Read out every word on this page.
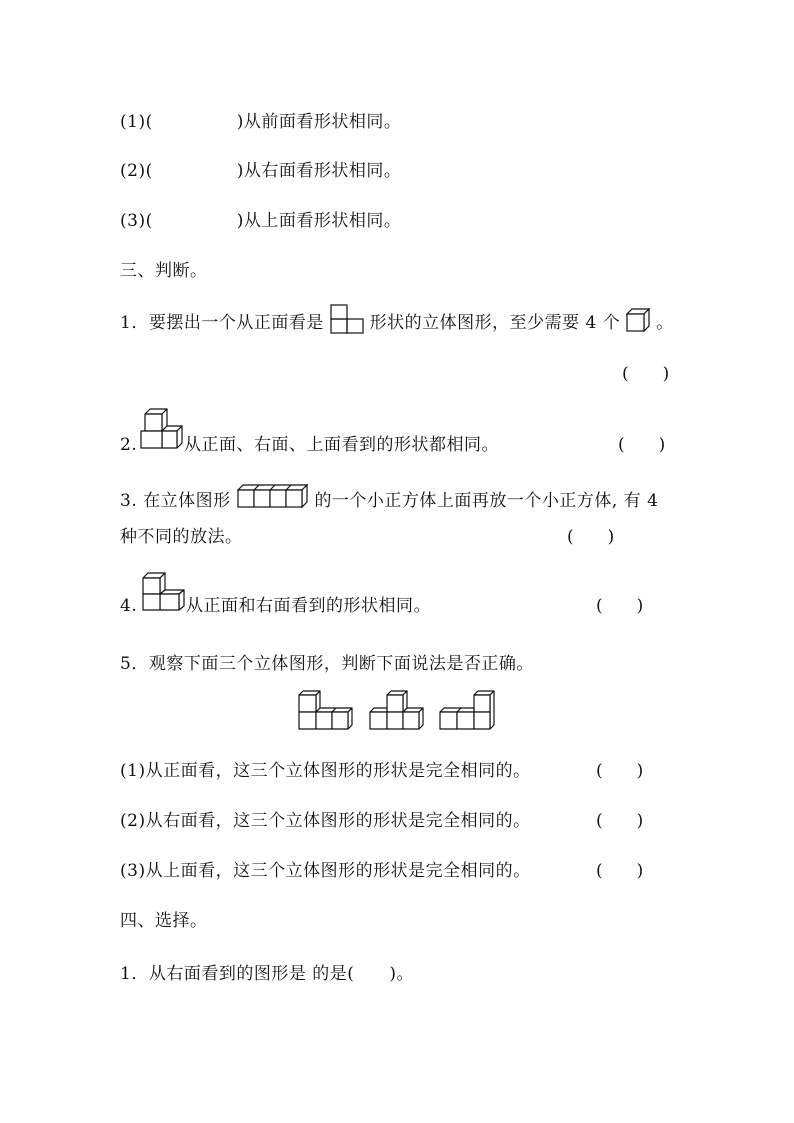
(1)(	)从前面看形状相同。
(2)(	)从右面看形状相同。
(3)(	)从上面看形状相同。
三、判断。
1．要摆出一个从正面看是	形状的立体图形，至少需要 4 个 。
(　　)
2.	从正面、右面、上面看到的形状都相同。	(　　)
3. 在立体图形	的一个小正方体上面再放一个小正方体, 有 4
种不同的放法。	(　　)
4.	从正面和右面看到的形状相同。	(　　)
5．观察下面三个立体图形，判断下面说法是否正确。
(1)从正面看，这三个立体图形的形状是完全相同的。	(　　)
(2)从右面看，这三个立体图形的形状是完全相同的。	(　　)
(3)从上面看，这三个立体图形的形状是完全相同的。	(　　)
四、选择。
1．从右面看到的图形是 的是(　　)。
